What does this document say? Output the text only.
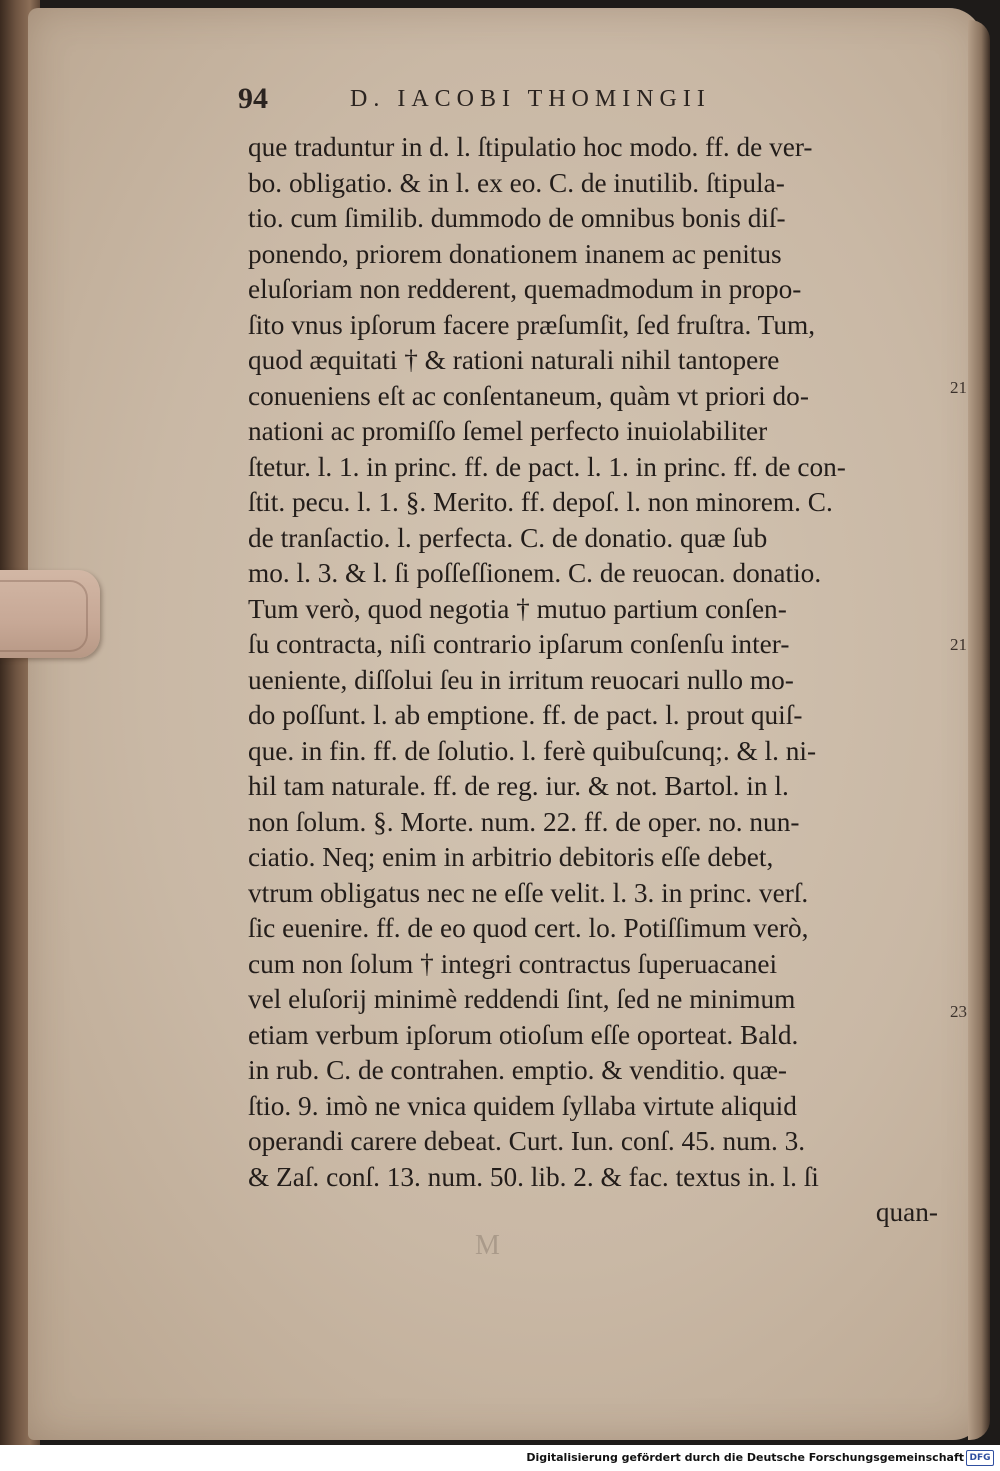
94	D. IACOBI THOMINGII
que traduntur in d. l. ſtipulatio hoc modo. ff. de ver-
bo. obligatio. & in l. ex eo. C. de inutilib. ſtipula-
tio. cum ſimilib. dummodo de omnibus bonis diſ-
ponendo, priorem donationem inanem ac penitus
eluſoriam non redderent, quemadmodum in propo-
ſito vnus ipſorum facere præſumſit, ſed fruſtra. Tum,
quod æquitati † & rationi naturali nihil tantopere
conueniens eſt ac conſentaneum, quàm vt priori do-
nationi ac promiſſo ſemel perfecto inuiolabiliter
ſtetur. l. 1. in princ. ff. de pact. l. 1. in princ. ff. de con-
ſtit. pecu. l. 1. §. Merito. ff. depoſ. l. non minorem. C.
de tranſactio. l. perfecta. C. de donatio. quæ ſub
mo. l. 3. & l. ſi poſſeſſionem. C. de reuocan. donatio.
Tum verò, quod negotia † mutuo partium conſen-
ſu contracta, niſi contrario ipſarum conſenſu inter-
ueniente, diſſolui ſeu in irritum reuocari nullo mo-
do poſſunt. l. ab emptione. ff. de pact. l. prout quiſ-
que. in fin. ff. de ſolutio. l. ferè quibuſcunq;. & l. ni-
hil tam naturale. ff. de reg. iur. & not. Bartol. in l.
non ſolum. §. Morte. num. 22. ff. de oper. no. nun-
ciatio. Neq; enim in arbitrio debitoris eſſe debet,
vtrum obligatus nec ne eſſe velit. l. 3. in princ. verſ.
ſic euenire. ff. de eo quod cert. lo. Potiſſimum verò,
cum non ſolum † integri contractus ſuperuacanei
vel eluſorij minimè reddendi ſint, ſed ne minimum
etiam verbum ipſorum otioſum eſſe oporteat. Bald.
in rub. C. de contrahen. emptio. & venditio. quæ-
ſtio. 9. imò ne vnica quidem ſyllaba virtute aliquid
operandi carere debeat. Curt. Iun. conſ. 45. num. 3.
& Zaſ. conſ. 13. num. 50. lib. 2. & fac. textus in. l. ſi
quan-
21
21
23
M
Digitalisierung gefördert durch die Deutsche Forschungsgemeinschaft DFG
